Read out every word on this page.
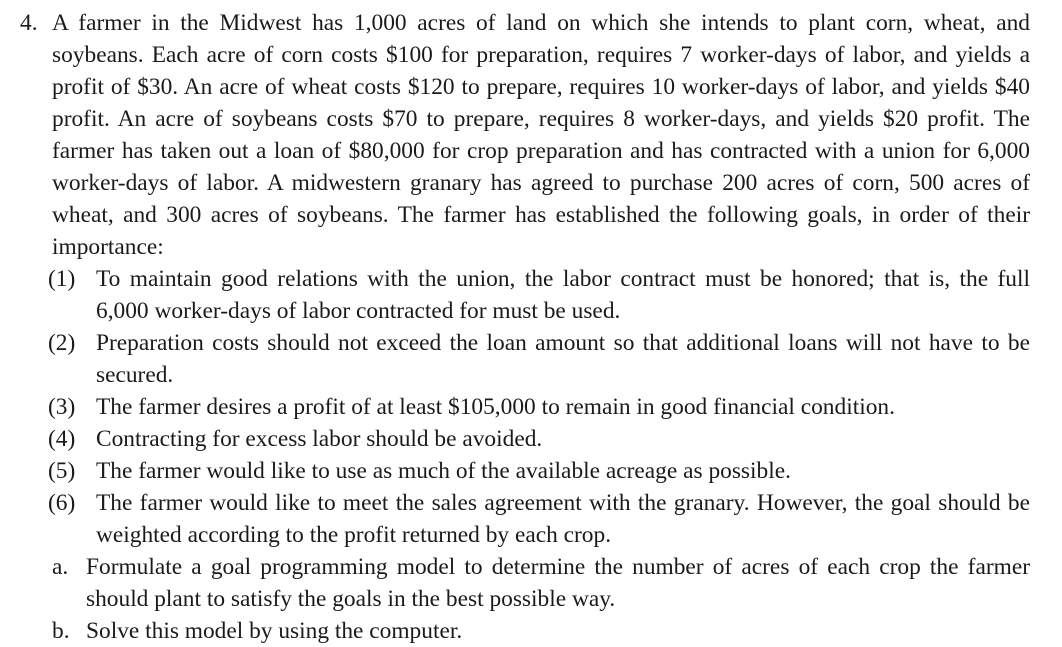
4. A farmer in the Midwest has 1,000 acres of land on which she intends to plant corn, wheat, and soybeans. Each acre of corn costs $100 for preparation, requires 7 worker-days of labor, and yields a profit of $30. An acre of wheat costs $120 to prepare, requires 10 worker-days of labor, and yields $40 profit. An acre of soybeans costs $70 to prepare, requires 8 worker-days, and yields $20 profit. The farmer has taken out a loan of $80,000 for crop preparation and has contracted with a union for 6,000 worker-days of labor. A midwestern granary has agreed to purchase 200 acres of corn, 500 acres of wheat, and 300 acres of soybeans. The farmer has established the following goals, in order of their importance:
(1) To maintain good relations with the union, the labor contract must be honored; that is, the full 6,000 worker-days of labor contracted for must be used.
(2) Preparation costs should not exceed the loan amount so that additional loans will not have to be secured.
(3) The farmer desires a profit of at least $105,000 to remain in good financial condition.
(4) Contracting for excess labor should be avoided.
(5) The farmer would like to use as much of the available acreage as possible.
(6) The farmer would like to meet the sales agreement with the granary. However, the goal should be weighted according to the profit returned by each crop.
a. Formulate a goal programming model to determine the number of acres of each crop the farmer should plant to satisfy the goals in the best possible way.
b. Solve this model by using the computer.
